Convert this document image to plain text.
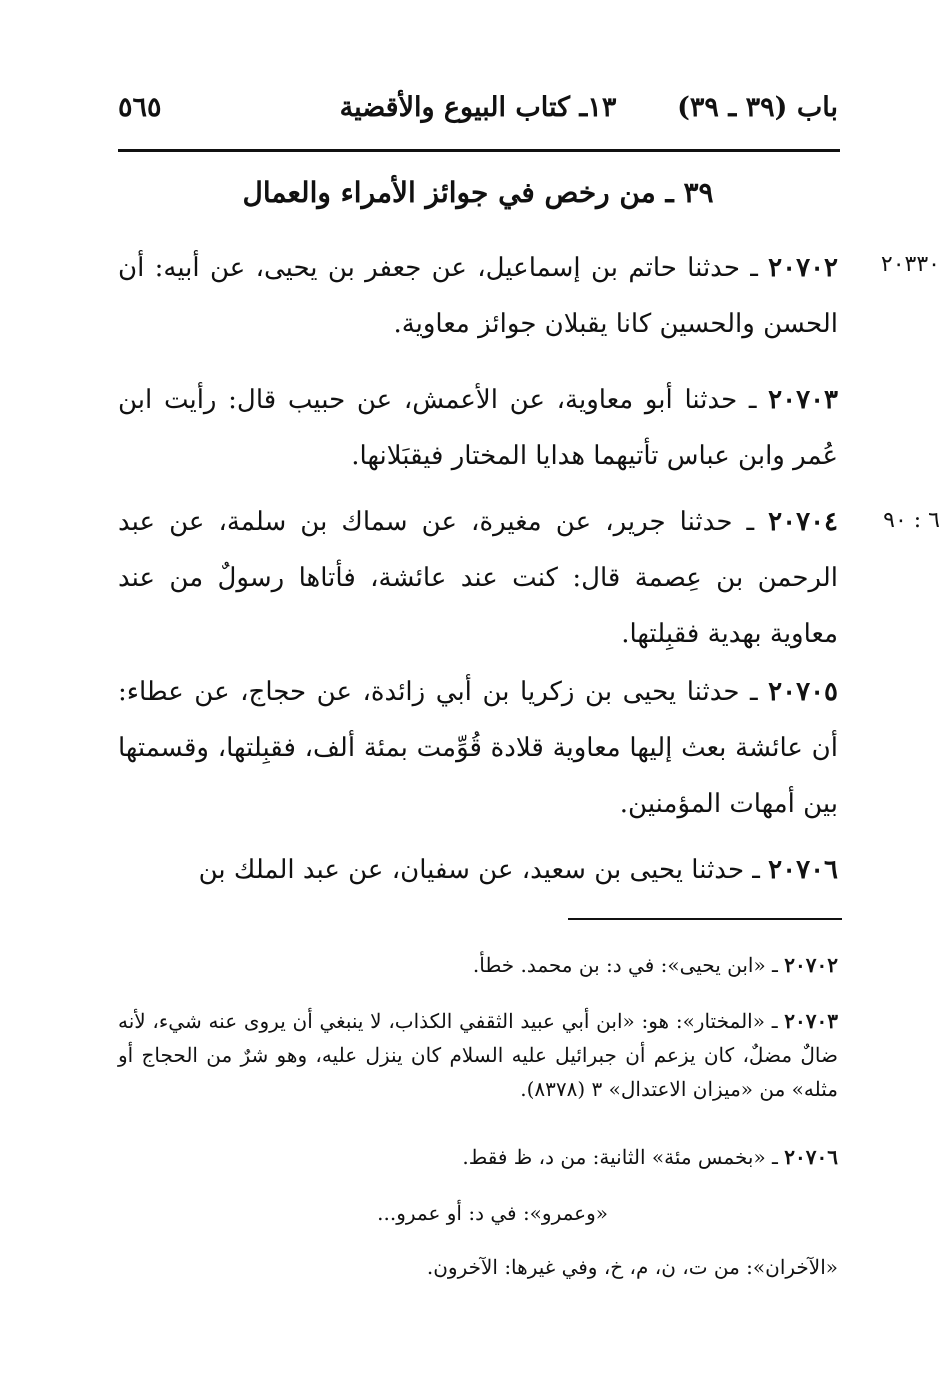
باب (٣٩ ـ ٣٩)
١٣ـ كتاب البيوع والأقضية
٥٦٥
٣٩ ـ من رخص في جوائز الأمراء والعمال
٢٠٣٣٠
٦ : ٩٠

٢٠٧٠٢ ـ حدثنا حاتم بن إسماعيل، عن جعفر بن يحيى، عن أبيه: أن الحسن والحسين كانا يقبلان جوائز معاوية.

٢٠٧٠٣ ـ حدثنا أبو معاوية، عن الأعمش، عن حبيب قال: رأيت ابن عُمر وابن عباس تأتيهما هدايا المختار فيقبَلانها.

٢٠٧٠٤ ـ حدثنا جرير، عن مغيرة، عن سماك بن سلمة، عن عبد الرحمن بن عِصمة قال: كنت عند عائشة، فأتاها رسولٌ من عند معاوية بهدية فقبِلتها.

٢٠٧٠٥ ـ حدثنا يحيى بن زكريا بن أبي زائدة، عن حجاج، عن عطاء: أن عائشة بعث إليها معاوية قلادة قُوِّمت بمئة ألف، فقبِلتها، وقسمتها بين أمهات المؤمنين.

٢٠٧٠٦ ـ حدثنا يحيى بن سعيد، عن سفيان، عن عبد الملك بن

٢٠٧٠٢ ـ «ابن يحيى»: في د: بن محمد. خطأ.

٢٠٧٠٣ ـ «المختار»: هو: «ابن أبي عبيد الثقفي الكذاب، لا ينبغي أن يروى عنه شيء، لأنه ضالٌ مضلٌ، كان يزعم أن جبرائيل عليه السلام كان ينزل عليه، وهو شرٌ من الحجاج أو مثله» من «ميزان الاعتدال» ٣ (٨٣٧٨).

٢٠٧٠٦ ـ «بخمس مئة» الثانية: من د، ظ فقط.

«وعمرو»: في د: أو عمرو...

«الآخران»: من ت، ن، م، خ، وفي غيرها: الآخرون.
